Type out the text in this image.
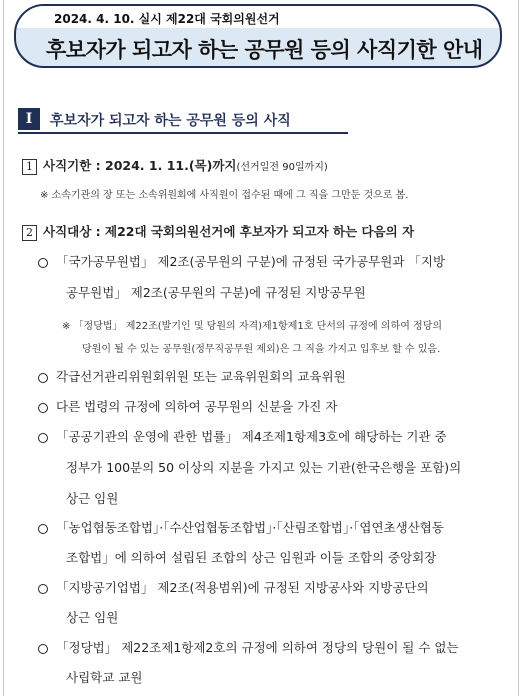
2024. 4. 10. 실시 제22대 국회의원선거
후보자가 되고자 하는 공무원 등의 사직기한 안내
I	후보자가 되고자 하는 공무원 등의 사직
1 사직기한 : 2024. 1. 11.(목)까지(선거일전 90일까지)
※ 소속기관의 장 또는 소속위원회에 사직원이 접수된 때에 그 직을 그만둔 것으로 봄.
2 사직대상 : 제22대 국회의원선거에 후보자가 되고자 하는 다음의 자
「국가공무원법」 제2조(공무원의 구분)에 규정된 국가공무원과 「지방
공무원법」 제2조(공무원의 구분)에 규정된 지방공무원
※ 「정당법」 제22조(발기인 및 당원의 자격)제1항제1호 단서의 규정에 의하여 정당의
당원이 될 수 있는 공무원(정무직공무원 제외)은 그 직을 가지고 입후보 할 수 있음.
각급선거관리위원회위원 또는 교육위원회의 교육위원
다른 법령의 규정에 의하여 공무원의 신분을 가진 자
「공공기관의 운영에 관한 법률」 제4조제1항제3호에 해당하는 기관 중
정부가 100분의 50 이상의 지분을 가지고 있는 기관(한국은행을 포함)의
상근 임원
「농업협동조합법」·「수산업협동조합법」·「산림조합법」·「엽연초생산협동
조합법」에 의하여 설립된 조합의 상근 임원과 이들 조합의 중앙회장
「지방공기업법」 제2조(적용범위)에 규정된 지방공사와 지방공단의
상근 임원
「정당법」 제22조제1항제2호의 규정에 의하여 정당의 당원이 될 수 없는
사립학교 교원
